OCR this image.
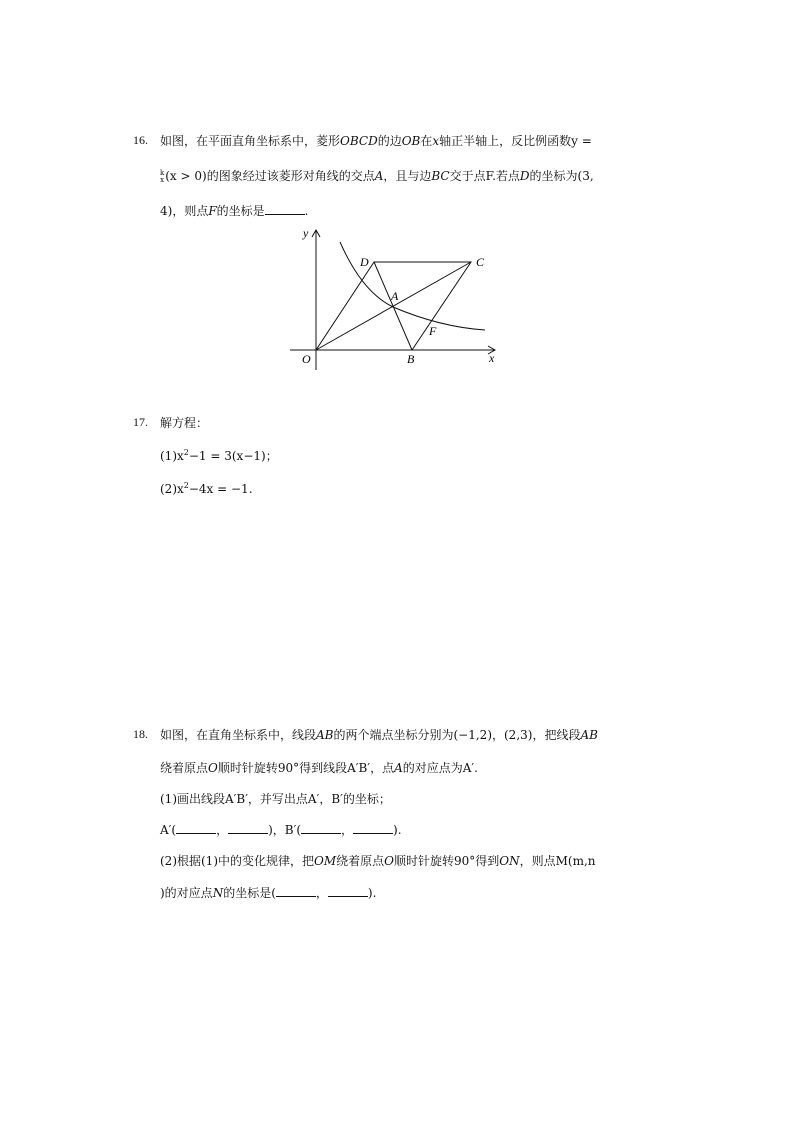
16. 如图，在平面直角坐标系中，菱形OBCD的边OB在x轴正半轴上，反比例函数y =
k
x (x > 0)的图象经过该菱形对角线的交点A，且与边BC交于点F.若点D的坐标为(3,
4)，则点F的坐标是	.
y
x
O	B
C
D
A
F
17. 解方程：
$(1)x^2-1 = 3(x-1)$；
$(2)x^2-4x = -1$.
18. 如图，在直角坐标系中，线段AB的两个端点坐标分别为(−1,2)，(2,3)，把线段AB
绕着原点O顺时针旋转90°得到线段A′B′，点A的对应点为A′.
(1)画出线段A′B′，并写出点A′，B′的坐标；
A′(	，	)，B′(	，	).
(2)根据(1)中的变化规律，把OM绕着原点O顺时针旋转90°得到ON，则点M(m,n
)的对应点N的坐标是(	，	).
